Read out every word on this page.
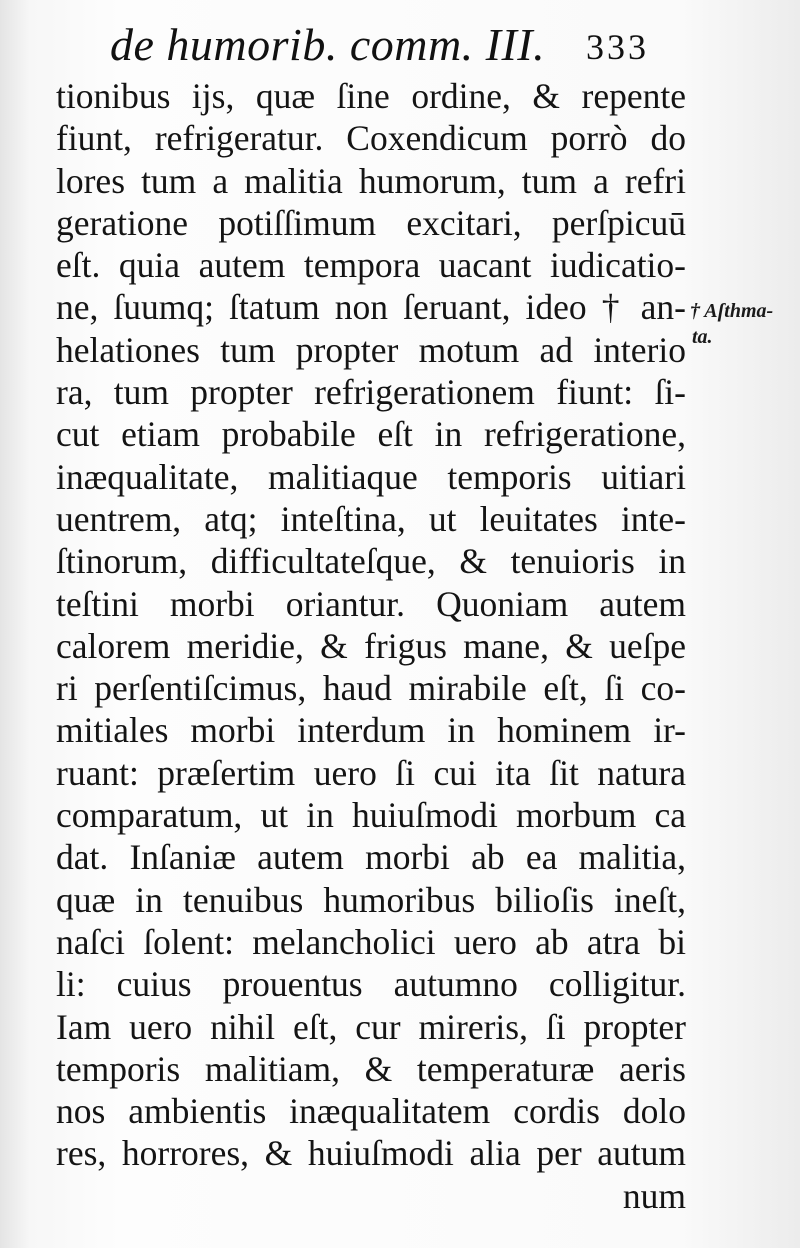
de humorib. comm. III. 333
tionibus ijs, quæ ſine ordine, & repente
fiunt, refrigeratur. Coxendicum porrò do
lores tum a malitia humorum, tum a refri
geratione potiſſimum excitari, perſpicuū
eſt. quia autem tempora uacant iudicatio-
ne, ſuumq; ſtatum non ſeruant, ideo † an-
helationes tum propter motum ad interio
ra, tum propter refrigerationem fiunt: ſi-
cut etiam probabile eſt in refrigeratione,
inæqualitate, malitiaque temporis uitiari
uentrem, atq; inteſtina, ut leuitates inte-
ſtinorum, difficultateſque, & tenuioris in
teſtini morbi oriantur. Quoniam autem
calorem meridie, & frigus mane, & ueſpe
ri perſentiſcimus, haud mirabile eſt, ſi co-
mitiales morbi interdum in hominem ir-
ruant: præſertim uero ſi cui ita ſit natura
comparatum, ut in huiuſmodi morbum ca
dat. Inſaniæ autem morbi ab ea malitia,
quæ in tenuibus humoribus bilioſis ineſt,
naſci ſolent: melancholici uero ab atra bi
li: cuius prouentus autumno colligitur.
Iam uero nihil eſt, cur mireris, ſi propter
temporis malitiam, & temperaturæ aeris
nos ambientis inæqualitatem cordis dolo
res, horrores, & huiuſmodi alia per autum
num
† Aſthma-
ta.
